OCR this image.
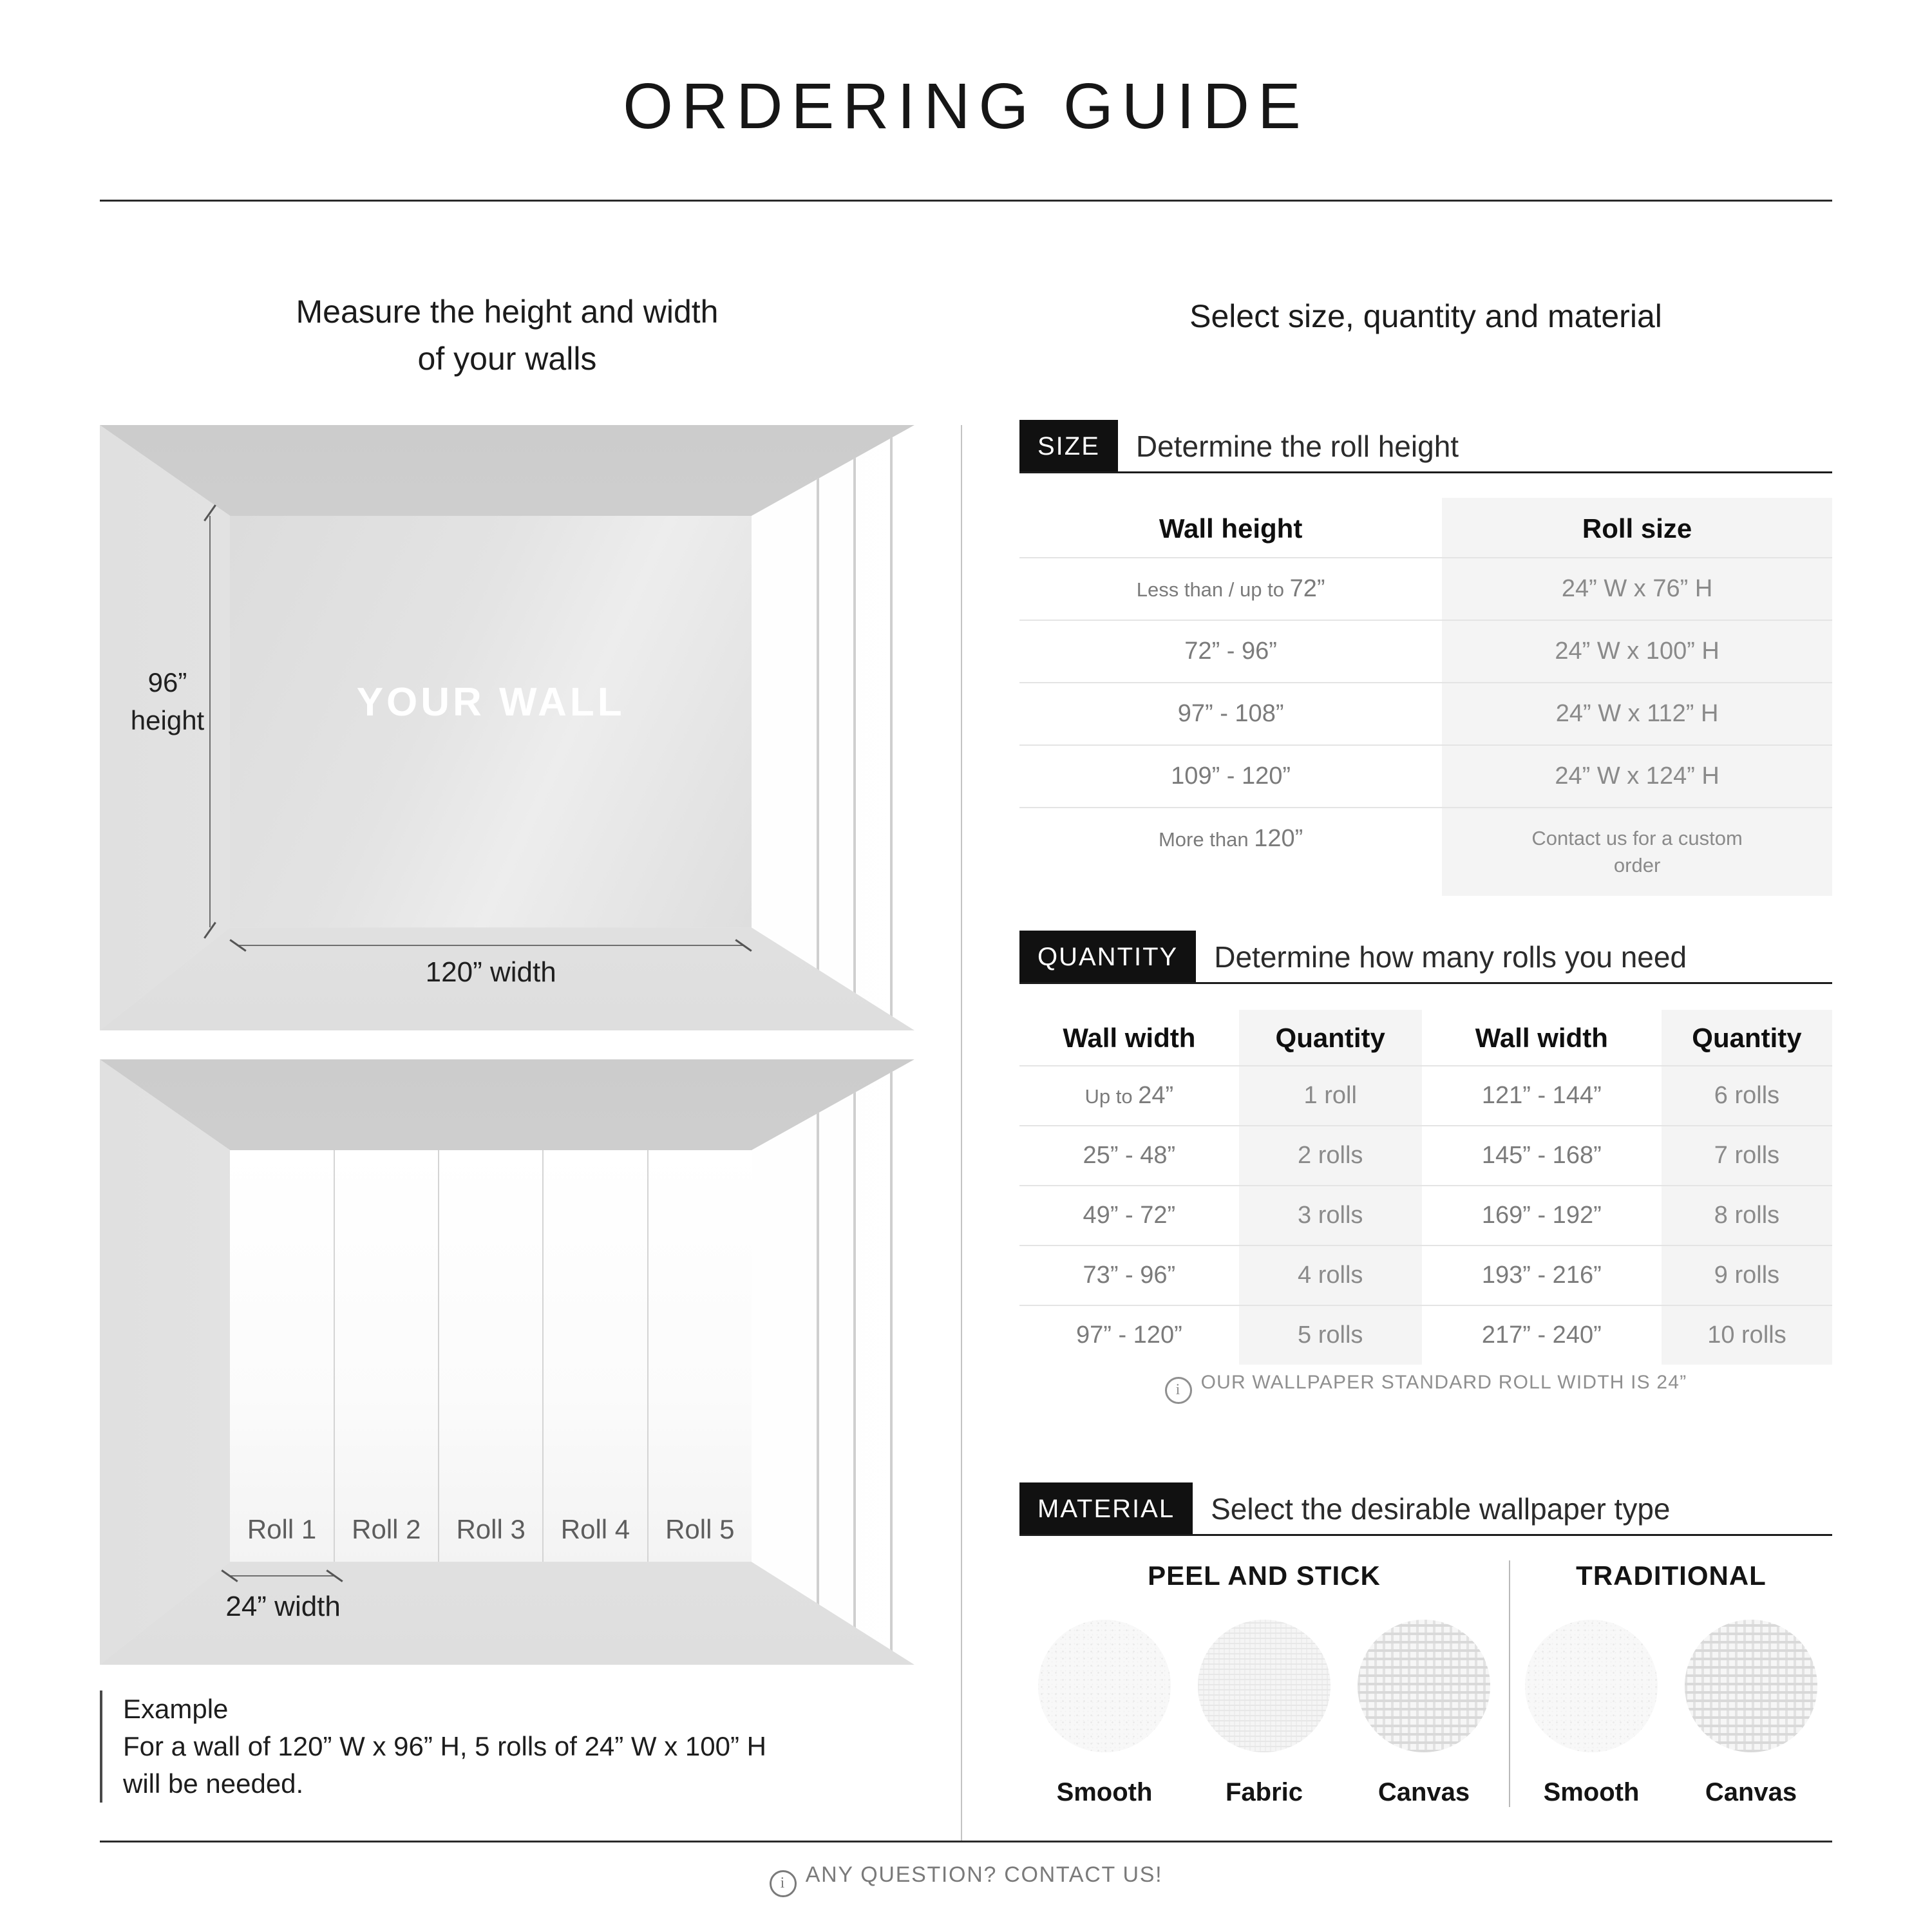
ORDERING GUIDE
Measure the height and width
of your walls
96”
height	YOUR WALL
120” width
Roll 1	Roll 2	Roll 3	Roll 4	Roll 5
24” width
Example
For a wall of 120” W x 96” H, 5 rolls of 24” W x 100” H
will be needed.
Select size, quantity and material
SIZE	Determine the roll height
Wall height	Roll size
Less than / up to 72”	24” W x 76” H
72” - 96”	24” W x 100” H
97” - 108”	24” W x 112” H
109” - 120”	24” W x 124” H
More than 120”	Contact us for a custom order
QUANTITY	Determine how many rolls you need
Wall width	Quantity	Wall width	Quantity
Up to 24”	1 roll	121” - 144”	6 rolls
25” - 48”	2 rolls	145” - 168”	7 rolls
49” - 72”	3 rolls	169” - 192”	8 rolls
73” - 96”	4 rolls	193” - 216”	9 rolls
97” - 120”	5 rolls	217” - 240”	10 rolls
i OUR WALLPAPER STANDARD ROLL WIDTH IS 24”
MATERIAL	Select the desirable wallpaper type
PEEL AND STICK
Smooth	Fabric	Canvas
TRADITIONAL
Smooth	Canvas
i ANY QUESTION? CONTACT US!
